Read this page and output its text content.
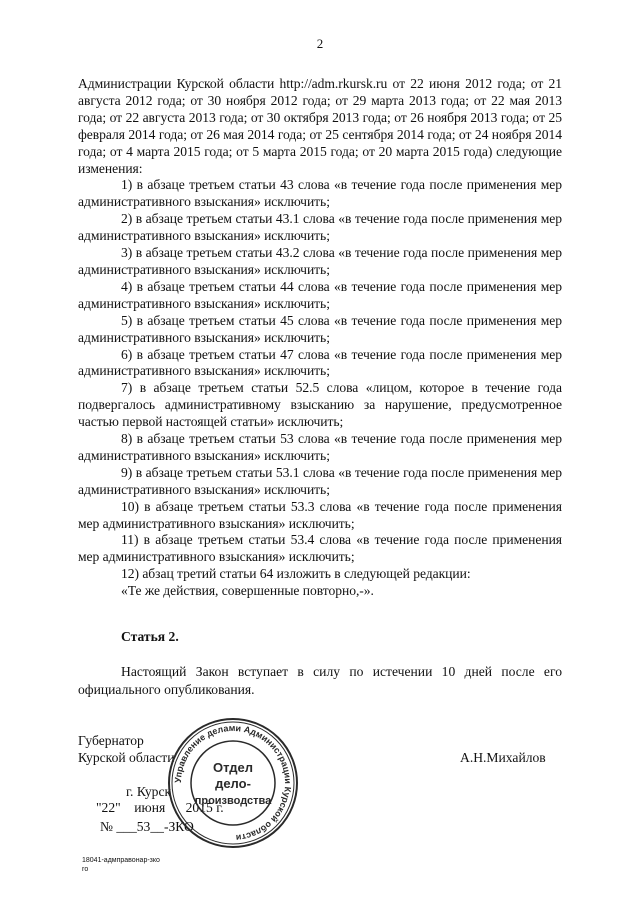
2

Администрации Курской области http://adm.rkursk.ru от 22 июня 2012 года; от 21 августа 2012 года; от 30 ноября 2012 года; от 29 марта 2013 года; от 22 мая 2013 года; от 22 августа 2013 года; от 30 октября 2013 года; от 26 ноября 2013 года; от 25 февраля 2014 года; от 26 мая 2014 года; от 25 сентября 2014 года; от 24 ноября 2014 года; от 4 марта 2015 года; от 5 марта 2015 года; от 20 марта 2015 года) следующие изменения:

1) в абзаце третьем статьи 43 слова «в течение года после применения мер административного взыскания» исключить;

2) в абзаце третьем статьи 43.1 слова «в течение года после применения мер административного взыскания» исключить;

3) в абзаце третьем статьи 43.2 слова «в течение года после применения мер административного взыскания» исключить;

4) в абзаце третьем статьи 44 слова «в течение года после применения мер административного взыскания» исключить;

5) в абзаце третьем статьи 45 слова «в течение года после применения мер административного взыскания» исключить;

6) в абзаце третьем статьи 47 слова «в течение года после применения мер административного взыскания» исключить;

7) в абзаце третьем статьи 52.5 слова «лицом, которое в течение года подвергалось административному взысканию за нарушение, предусмотренное частью первой настоящей статьи» исключить;

8) в абзаце третьем статьи 53 слова «в течение года после применения мер административного взыскания» исключить;

9) в абзаце третьем статьи 53.1 слова «в течение года после применения мер административного взыскания» исключить;

10) в абзаце третьем статьи 53.3 слова «в течение года после применения мер административного взыскания» исключить;

11) в абзаце третьем статьи 53.4 слова «в течение года после применения мер административного взыскания» исключить;

12) абзац третий статьи 64 изложить в следующей редакции:

«Те же действия, совершенные повторно,-».

Статья 2.

Настоящий Закон вступает в силу по истечении 10 дней после его официального опубликования.

Губернатор
Курской области	А.Н.Михайлов
г. Курск
"22"    июня      2015 г.
№ ___53__-ЗКО
Управление делами Администрации Курской области
Отдел
дело-
производства
18041-адмправонар-зко
ro
